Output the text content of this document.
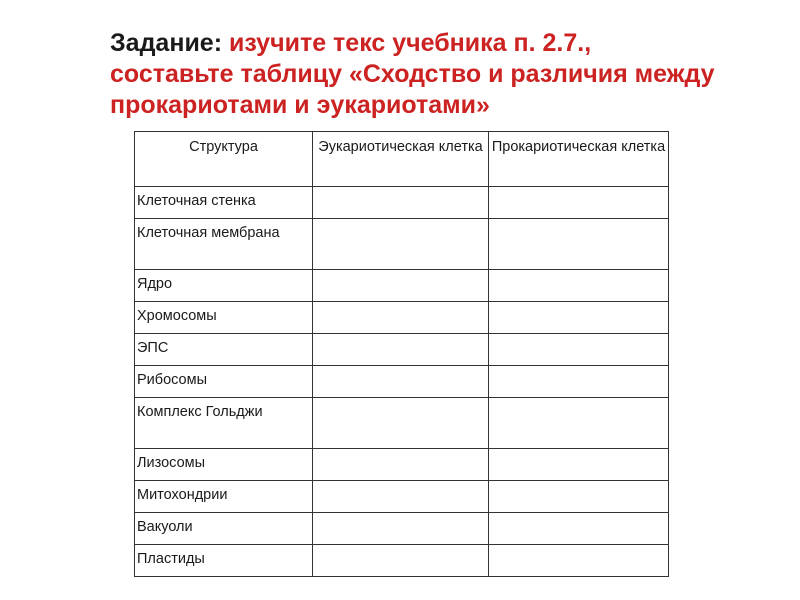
Задание: изучите текс учебника п. 2.7.,
составьте таблицу «Сходство и различия между прокариотами и эукариотами»
Структура	Эукариотическая клетка	Прокариотическая клетка
Клеточная стенка		
Клеточная мембрана		
Ядро		
Хромосомы		
ЭПС		
Рибосомы		
Комплекс Гольджи		
Лизосомы		
Митохондрии		
Вакуоли		
Пластиды		
